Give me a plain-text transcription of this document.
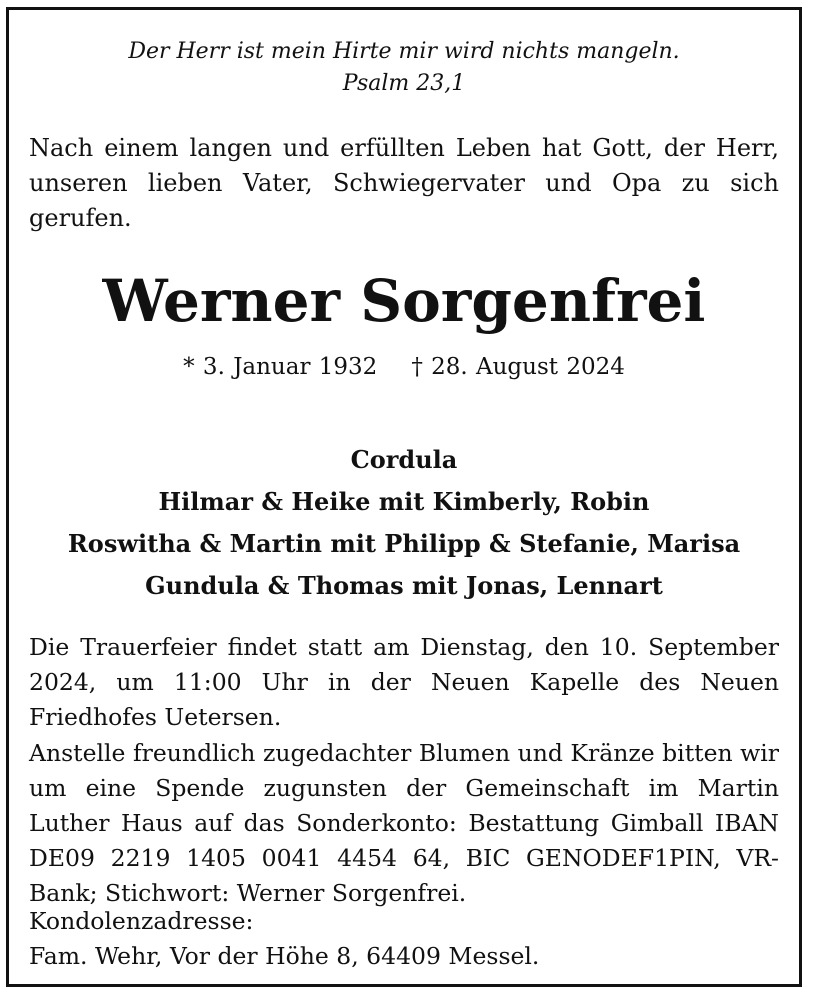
Der Herr ist mein Hirte mir wird nichts mangeln.
Psalm 23,1
Nach einem langen und erfüllten Leben hat Gott, der Herr, unseren lieben Vater, Schwiegervater und Opa zu sich gerufen.
Werner Sorgenfrei
* 3. Januar 1932 † 28. August 2024
Cordula
Hilmar & Heike mit Kimberly, Robin
Roswitha & Martin mit Philipp & Stefanie, Marisa
Gundula & Thomas mit Jonas, Lennart
Die Trauerfeier findet statt am Dienstag, den 10. September 2024, um 11:00 Uhr in der Neuen Kapelle des Neuen Friedhofes Uetersen.
Anstelle freundlich zugedachter Blumen und Kränze bitten wir um eine Spende zugunsten der Gemeinschaft im Martin Luther Haus auf das Sonderkonto: Bestattung Gimball IBAN DE09 2219 1405 0041 4454 64, BIC GENODEF1PIN, VR-Bank; Stichwort: Werner Sorgenfrei.
Kondolenzadresse:
Fam. Wehr, Vor der Höhe 8, 64409 Messel.
